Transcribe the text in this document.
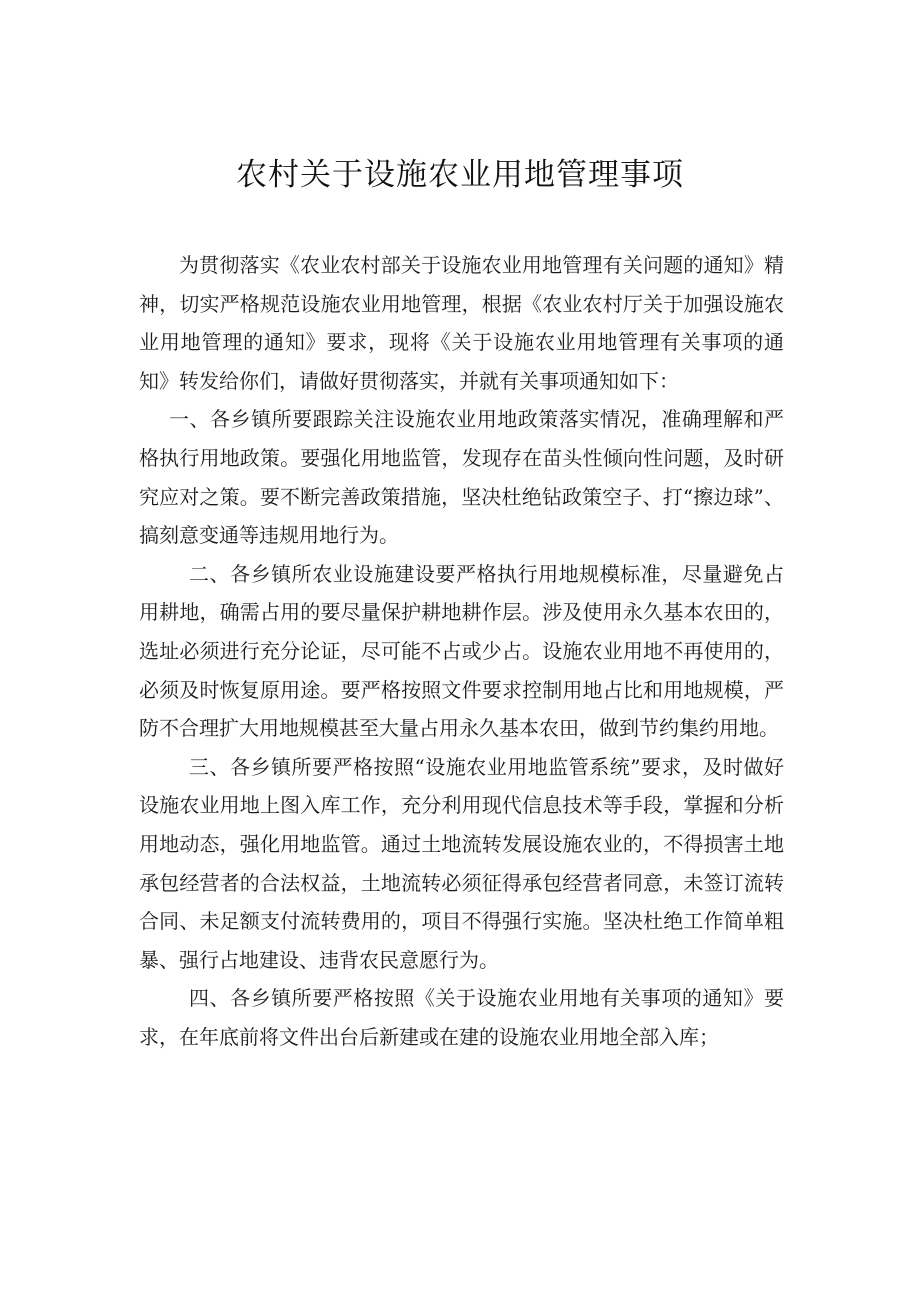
农村关于设施农业用地管理事项

为贯彻落实《农业农村部关于设施农业用地管理有关问题的通知》精神，切实严格规范设施农业用地管理，根据《农业农村厅关于加强设施农业用地管理的通知》要求，现将《关于设施农业用地管理有关事项的通知》转发给你们，请做好贯彻落实，并就有关事项通知如下：

一、各乡镇所要跟踪关注设施农业用地政策落实情况，准确理解和严格执行用地政策。要强化用地监管，发现存在苗头性倾向性问题，及时研究应对之策。要不断完善政策措施，坚决杜绝钻政策空子、打“擦边球”、搞刻意变通等违规用地行为。

二、各乡镇所农业设施建设要严格执行用地规模标准，尽量避免占用耕地，确需占用的要尽量保护耕地耕作层。涉及使用永久基本农田的，选址必须进行充分论证，尽可能不占或少占。设施农业用地不再使用的，必须及时恢复原用途。要严格按照文件要求控制用地占比和用地规模，严防不合理扩大用地规模甚至大量占用永久基本农田，做到节约集约用地。

三、各乡镇所要严格按照“设施农业用地监管系统”要求，及时做好设施农业用地上图入库工作，充分利用现代信息技术等手段，掌握和分析用地动态，强化用地监管。通过土地流转发展设施农业的，不得损害土地承包经营者的合法权益，土地流转必须征得承包经营者同意，未签订流转合同、未足额支付流转费用的，项目不得强行实施。坚决杜绝工作简单粗暴、强行占地建设、违背农民意愿行为。

四、各乡镇所要严格按照《关于设施农业用地有关事项的通知》要求，在年底前将文件出台后新建或在建的设施农业用地全部入库；
